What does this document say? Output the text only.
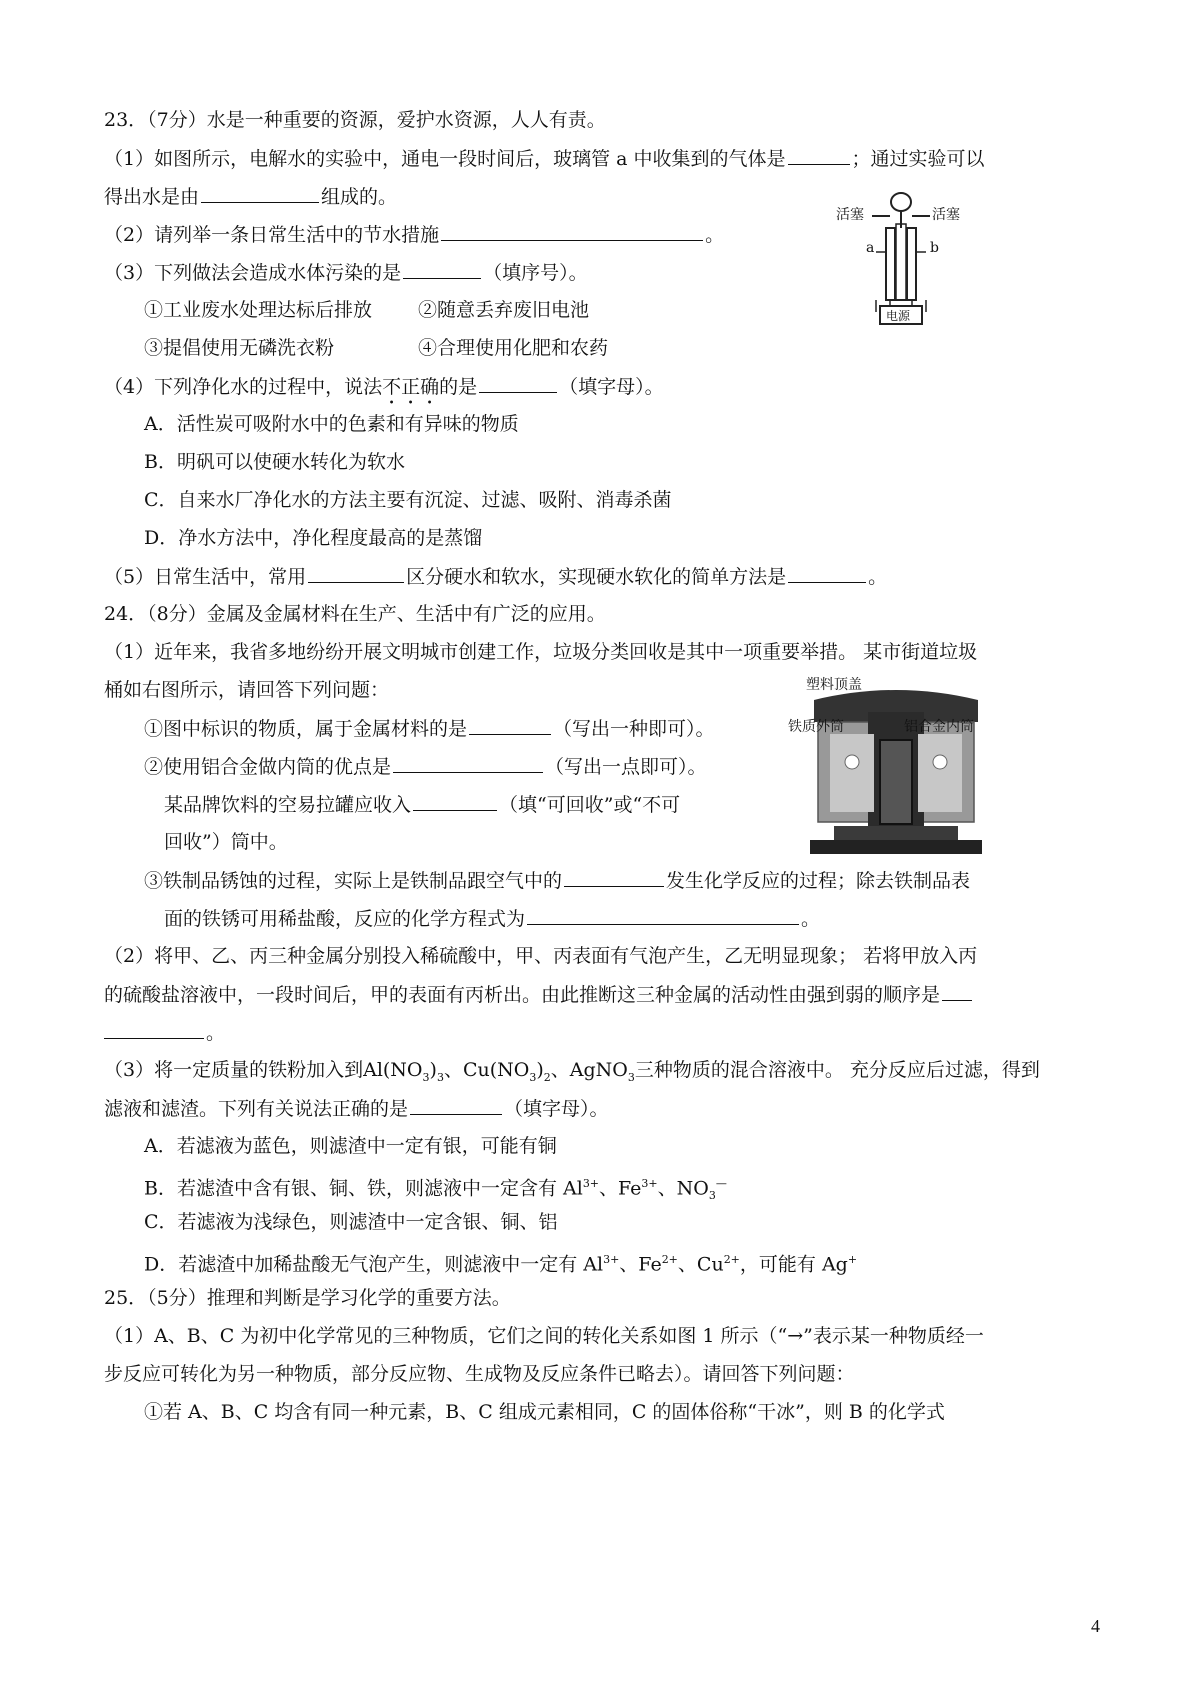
23．（7分）水是一种重要的资源，爱护水资源，人人有责。
（1）如图所示，电解水的实验中，通电一段时间后，玻璃管 a 中收集到的气体是	；通过实验可以
得出水是由	组成的。
（2）请列举一条日常生活中的节水措施	。
（3）下列做法会造成水体污染的是	（填序号）。
①工业废水处理达标后排放 ②随意丢弃废旧电池
③提倡使用无磷洗衣粉	④合理使用化肥和农药
（4）下列净化水的过程中，说法不正确的是	（填字母）。
A．活性炭可吸附水中的色素和有异味的物质
B．明矾可以使硬水转化为软水
C．自来水厂净化水的方法主要有沉淀、过滤、吸附、消毒杀菌
D．净水方法中，净化程度最高的是蒸馏
（5）日常生活中，常用	区分硬水和软水，实现硬水软化的简单方法是	。
活塞	活塞
a	b
电源
24．（8分）金属及金属材料在生产、生活中有广泛的应用。
（1）近年来，我省多地纷纷开展文明城市创建工作，垃圾分类回收是其中一项重要举措。 某市街道垃圾
桶如右图所示，请回答下列问题：
①图中标识的物质，属于金属材料的是	（写出一种即可）。
②使用铝合金做内筒的优点是	（写出一点即可）。
某品牌饮料的空易拉罐应收入	（填“可回收”或“不可
回收”）筒中。
③铁制品锈蚀的过程，实际上是铁制品跟空气中的	发生化学反应的过程；除去铁制品表
面的铁锈可用稀盐酸，反应的化学方程式为	。
（2）将甲、乙、丙三种金属分别投入稀硫酸中，甲、丙表面有气泡产生，乙无明显现象； 若将甲放入丙
的硫酸盐溶液中，一段时间后，甲的表面有丙析出。由此推断这三种金属的活动性由强到弱的顺序是
。
（3）将一定质量的铁粉加入到$Al(NO_3)_3$、$Cu(NO_3)_2$、AgNO$_3$三种物质的混合溶液中。 充分反应后过滤，得到
滤液和滤渣。下列有关说法正确的是	（填字母）。
A．若滤液为蓝色，则滤渣中一定有银，可能有铜
B．若滤渣中含有银、铜、铁，则滤液中一定含有 $Al^{3+}$、$Fe^{3+}$、$NO_3^—$
C．若滤液为浅绿色，则滤渣中一定含银、铜、铝
D．若滤渣中加稀盐酸无气泡产生，则滤液中一定有 $Al^{3+}$、$Fe^{2+}$、$Cu^{2+}$，可能有 Ag+
塑料顶盖
铁质外筒	铝合金内筒
25．（5分）推理和判断是学习化学的重要方法。
（1）A、B、C 为初中化学常见的三种物质，它们之间的转化关系如图 1 所示（“→”表示某一种物质经一
步反应可转化为另一种物质，部分反应物、生成物及反应条件已略去）。请回答下列问题：
①若 A、B、C 均含有同一种元素，B、C 组成元素相同，C 的固体俗称“干冰”，则 B 的化学式
4
